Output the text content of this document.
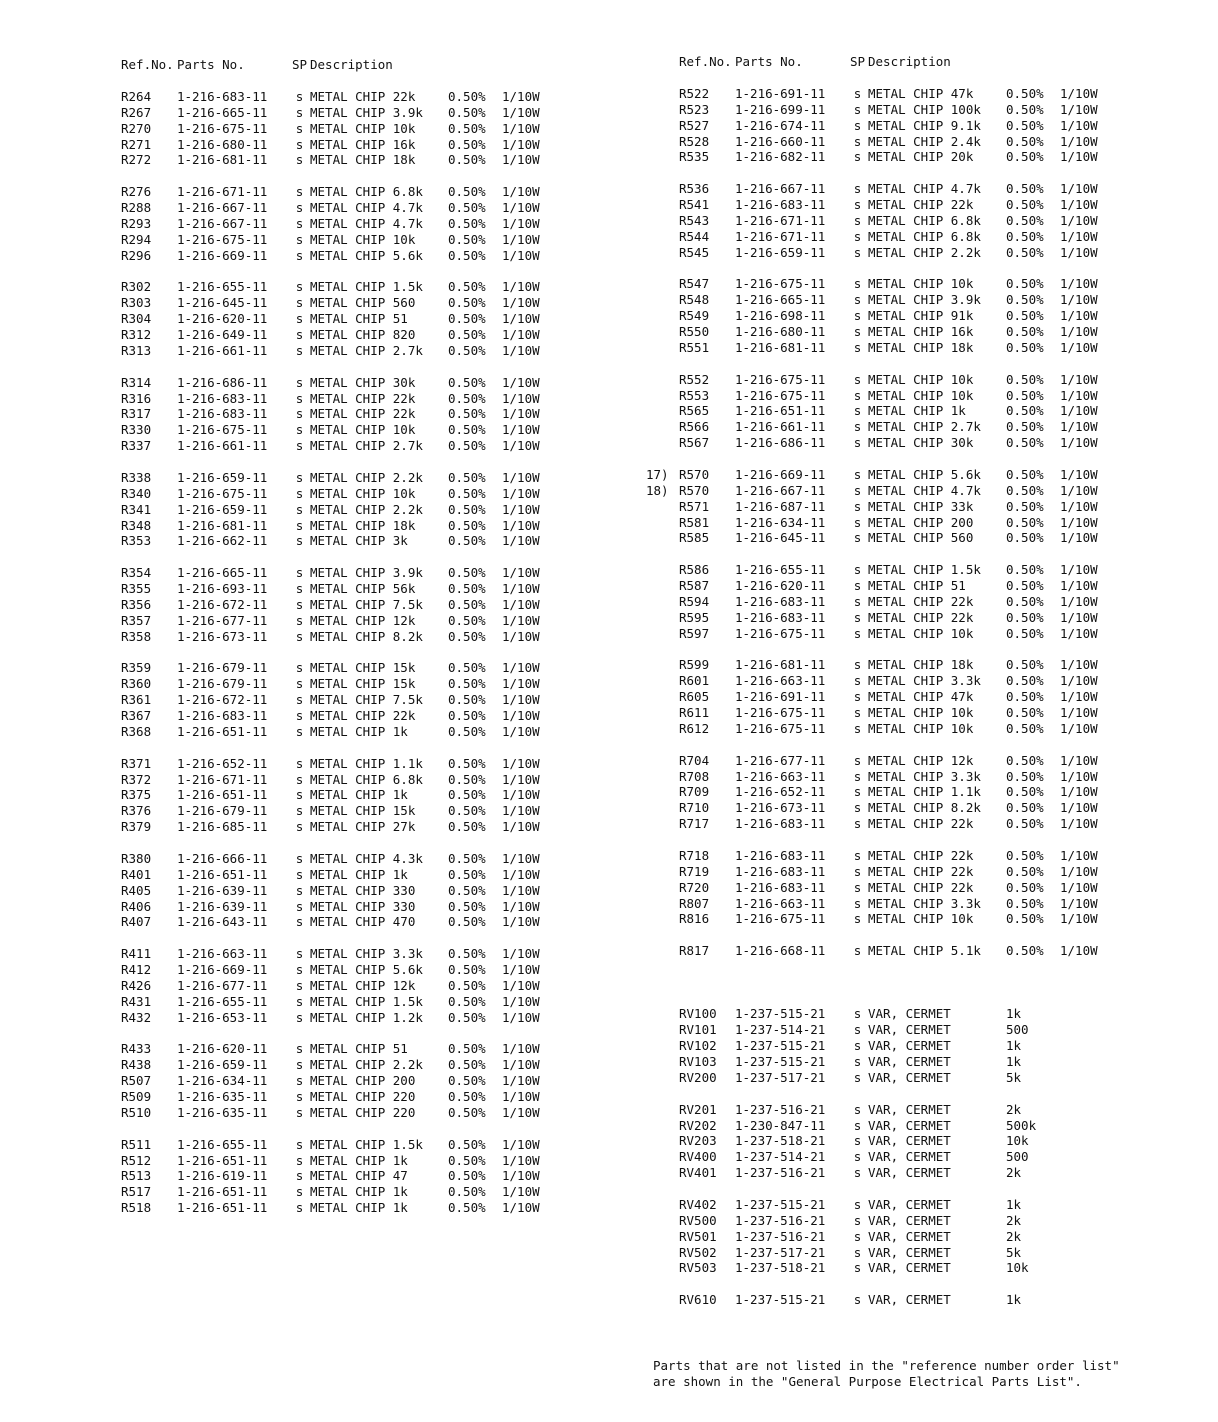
Ref.No. Parts No.	SP Description
R264	1-216-683-11	s METAL CHIP 22k	0.50%	1/10W
R267	1-216-665-11	s METAL CHIP 3.9k	0.50%	1/10W
R270	1-216-675-11	s METAL CHIP 10k	0.50%	1/10W
R271	1-216-680-11	s METAL CHIP 16k	0.50%	1/10W
R272	1-216-681-11	s METAL CHIP 18k	0.50%	1/10W
R276	1-216-671-11	s METAL CHIP 6.8k	0.50%	1/10W
R288	1-216-667-11	s METAL CHIP 4.7k	0.50%	1/10W
R293	1-216-667-11	s METAL CHIP 4.7k	0.50%	1/10W
R294	1-216-675-11	s METAL CHIP 10k	0.50%	1/10W
R296	1-216-669-11	s METAL CHIP 5.6k	0.50%	1/10W
R302	1-216-655-11	s METAL CHIP 1.5k	0.50%	1/10W
R303	1-216-645-11	s METAL CHIP 560	0.50%	1/10W
R304	1-216-620-11	s METAL CHIP 51	0.50%	1/10W
R312	1-216-649-11	s METAL CHIP 820	0.50%	1/10W
R313	1-216-661-11	s METAL CHIP 2.7k	0.50%	1/10W
R314	1-216-686-11	s METAL CHIP 30k	0.50%	1/10W
R316	1-216-683-11	s METAL CHIP 22k	0.50%	1/10W
R317	1-216-683-11	s METAL CHIP 22k	0.50%	1/10W
R330	1-216-675-11	s METAL CHIP 10k	0.50%	1/10W
R337	1-216-661-11	s METAL CHIP 2.7k	0.50%	1/10W
R338	1-216-659-11	s METAL CHIP 2.2k	0.50%	1/10W
R340	1-216-675-11	s METAL CHIP 10k	0.50%	1/10W
R341	1-216-659-11	s METAL CHIP 2.2k	0.50%	1/10W
R348	1-216-681-11	s METAL CHIP 18k	0.50%	1/10W
R353	1-216-662-11	s METAL CHIP 3k	0.50%	1/10W
R354	1-216-665-11	s METAL CHIP 3.9k	0.50%	1/10W
R355	1-216-693-11	s METAL CHIP 56k	0.50%	1/10W
R356	1-216-672-11	s METAL CHIP 7.5k	0.50%	1/10W
R357	1-216-677-11	s METAL CHIP 12k	0.50%	1/10W
R358	1-216-673-11	s METAL CHIP 8.2k	0.50%	1/10W
R359	1-216-679-11	s METAL CHIP 15k	0.50%	1/10W
R360	1-216-679-11	s METAL CHIP 15k	0.50%	1/10W
R361	1-216-672-11	s METAL CHIP 7.5k	0.50%	1/10W
R367	1-216-683-11	s METAL CHIP 22k	0.50%	1/10W
R368	1-216-651-11	s METAL CHIP 1k	0.50%	1/10W
R371	1-216-652-11	s METAL CHIP 1.1k	0.50%	1/10W
R372	1-216-671-11	s METAL CHIP 6.8k	0.50%	1/10W
R375	1-216-651-11	s METAL CHIP 1k	0.50%	1/10W
R376	1-216-679-11	s METAL CHIP 15k	0.50%	1/10W
R379	1-216-685-11	s METAL CHIP 27k	0.50%	1/10W
R380	1-216-666-11	s METAL CHIP 4.3k	0.50%	1/10W
R401	1-216-651-11	s METAL CHIP 1k	0.50%	1/10W
R405	1-216-639-11	s METAL CHIP 330	0.50%	1/10W
R406	1-216-639-11	s METAL CHIP 330	0.50%	1/10W
R407	1-216-643-11	s METAL CHIP 470	0.50%	1/10W
R411	1-216-663-11	s METAL CHIP 3.3k	0.50%	1/10W
R412	1-216-669-11	s METAL CHIP 5.6k	0.50%	1/10W
R426	1-216-677-11	s METAL CHIP 12k	0.50%	1/10W
R431	1-216-655-11	s METAL CHIP 1.5k	0.50%	1/10W
R432	1-216-653-11	s METAL CHIP 1.2k	0.50%	1/10W
R433	1-216-620-11	s METAL CHIP 51	0.50%	1/10W
R438	1-216-659-11	s METAL CHIP 2.2k	0.50%	1/10W
R507	1-216-634-11	s METAL CHIP 200	0.50%	1/10W
R509	1-216-635-11	s METAL CHIP 220	0.50%	1/10W
R510	1-216-635-11	s METAL CHIP 220	0.50%	1/10W
R511	1-216-655-11	s METAL CHIP 1.5k	0.50%	1/10W
R512	1-216-651-11	s METAL CHIP 1k	0.50%	1/10W
R513	1-216-619-11	s METAL CHIP 47	0.50%	1/10W
R517	1-216-651-11	s METAL CHIP 1k	0.50%	1/10W
R518	1-216-651-11	s METAL CHIP 1k	0.50%	1/10W
Ref.No. Parts No.	SP Description
R522	1-216-691-11	s METAL CHIP 47k	0.50%	1/10W
R523	1-216-699-11	s METAL CHIP 100k	0.50%	1/10W
R527	1-216-674-11	s METAL CHIP 9.1k	0.50%	1/10W
R528	1-216-660-11	s METAL CHIP 2.4k	0.50%	1/10W
R535	1-216-682-11	s METAL CHIP 20k	0.50%	1/10W
R536	1-216-667-11	s METAL CHIP 4.7k	0.50%	1/10W
R541	1-216-683-11	s METAL CHIP 22k	0.50%	1/10W
R543	1-216-671-11	s METAL CHIP 6.8k	0.50%	1/10W
R544	1-216-671-11	s METAL CHIP 6.8k	0.50%	1/10W
R545	1-216-659-11	s METAL CHIP 2.2k	0.50%	1/10W
R547	1-216-675-11	s METAL CHIP 10k	0.50%	1/10W
R548	1-216-665-11	s METAL CHIP 3.9k	0.50%	1/10W
R549	1-216-698-11	s METAL CHIP 91k	0.50%	1/10W
R550	1-216-680-11	s METAL CHIP 16k	0.50%	1/10W
R551	1-216-681-11	s METAL CHIP 18k	0.50%	1/10W
R552	1-216-675-11	s METAL CHIP 10k	0.50%	1/10W
R553	1-216-675-11	s METAL CHIP 10k	0.50%	1/10W
R565	1-216-651-11	s METAL CHIP 1k	0.50%	1/10W
R566	1-216-661-11	s METAL CHIP 2.7k	0.50%	1/10W
R567	1-216-686-11	s METAL CHIP 30k	0.50%	1/10W
17) R570	1-216-669-11	s METAL CHIP 5.6k	0.50%	1/10W
18) R570	1-216-667-11	s METAL CHIP 4.7k	0.50%	1/10W
R571	1-216-687-11	s METAL CHIP 33k	0.50%	1/10W
R581	1-216-634-11	s METAL CHIP 200	0.50%	1/10W
R585	1-216-645-11	s METAL CHIP 560	0.50%	1/10W
R586	1-216-655-11	s METAL CHIP 1.5k	0.50%	1/10W
R587	1-216-620-11	s METAL CHIP 51	0.50%	1/10W
R594	1-216-683-11	s METAL CHIP 22k	0.50%	1/10W
R595	1-216-683-11	s METAL CHIP 22k	0.50%	1/10W
R597	1-216-675-11	s METAL CHIP 10k	0.50%	1/10W
R599	1-216-681-11	s METAL CHIP 18k	0.50%	1/10W
R601	1-216-663-11	s METAL CHIP 3.3k	0.50%	1/10W
R605	1-216-691-11	s METAL CHIP 47k	0.50%	1/10W
R611	1-216-675-11	s METAL CHIP 10k	0.50%	1/10W
R612	1-216-675-11	s METAL CHIP 10k	0.50%	1/10W
R704	1-216-677-11	s METAL CHIP 12k	0.50%	1/10W
R708	1-216-663-11	s METAL CHIP 3.3k	0.50%	1/10W
R709	1-216-652-11	s METAL CHIP 1.1k	0.50%	1/10W
R710	1-216-673-11	s METAL CHIP 8.2k	0.50%	1/10W
R717	1-216-683-11	s METAL CHIP 22k	0.50%	1/10W
R718	1-216-683-11	s METAL CHIP 22k	0.50%	1/10W
R719	1-216-683-11	s METAL CHIP 22k	0.50%	1/10W
R720	1-216-683-11	s METAL CHIP 22k	0.50%	1/10W
R807	1-216-663-11	s METAL CHIP 3.3k	0.50%	1/10W
R816	1-216-675-11	s METAL CHIP 10k	0.50%	1/10W
R817	1-216-668-11	s METAL CHIP 5.1k	0.50%	1/10W
RV100	1-237-515-21	s VAR, CERMET	1k
RV101	1-237-514-21	s VAR, CERMET	500
RV102	1-237-515-21	s VAR, CERMET	1k
RV103	1-237-515-21	s VAR, CERMET	1k
RV200	1-237-517-21	s VAR, CERMET	5k
RV201	1-237-516-21	s VAR, CERMET	2k
RV202	1-230-847-11	s VAR, CERMET	500k
RV203	1-237-518-21	s VAR, CERMET	10k
RV400	1-237-514-21	s VAR, CERMET	500
RV401	1-237-516-21	s VAR, CERMET	2k
RV402	1-237-515-21	s VAR, CERMET	1k
RV500	1-237-516-21	s VAR, CERMET	2k
RV501	1-237-516-21	s VAR, CERMET	2k
RV502	1-237-517-21	s VAR, CERMET	5k
RV503	1-237-518-21	s VAR, CERMET	10k
RV610	1-237-515-21	s VAR, CERMET	1k
Parts that are not listed in the "reference number order list"
are shown in the "General Purpose Electrical Parts List".
